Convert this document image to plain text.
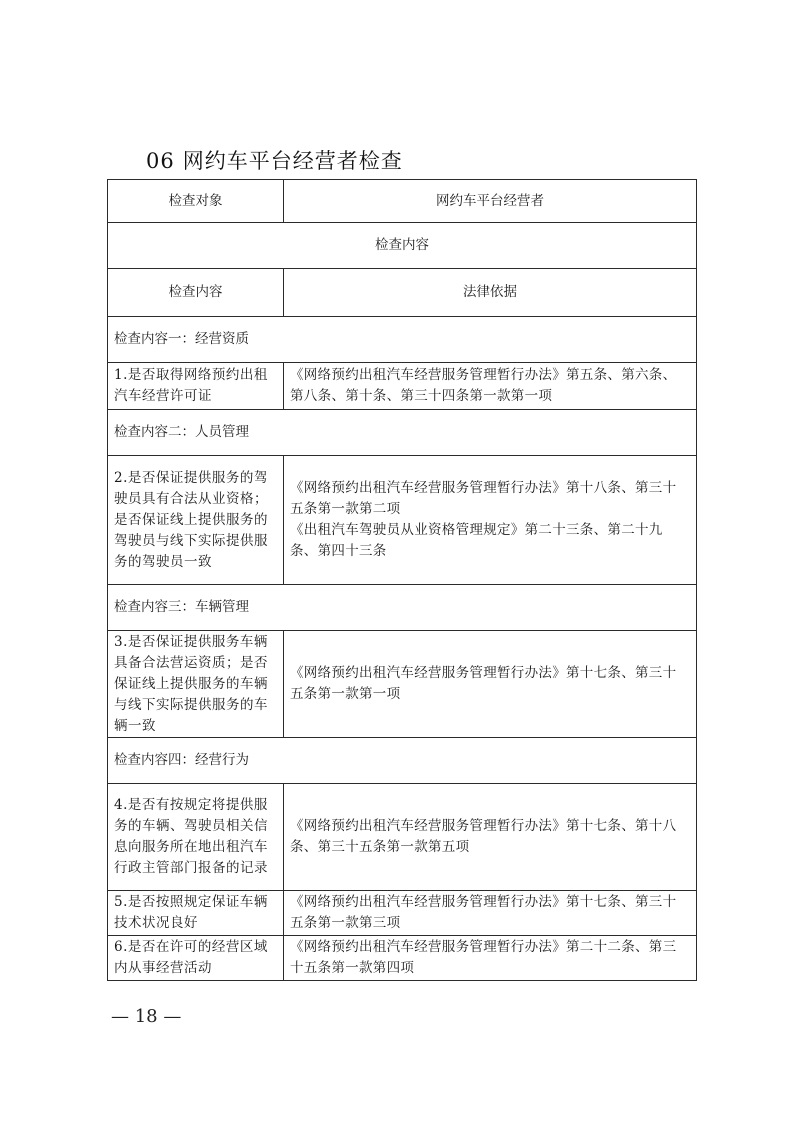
06 网约车平台经营者检查
检查对象	网约车平台经营者
检查内容	
检查内容	法律依据
检查内容一：经营资质	
1.是否取得网络预约出租汽车经营许可证	《网络预约出租汽车经营服务管理暂行办法》第五条、第六条、第八条、第十条、第三十四条第一款第一项

检查内容二：人员管理	
2.是否保证提供服务的驾驶员具有合法从业资格；是否保证线上提供服务的驾驶员与线下实际提供服务的驾驶员一致	《网络预约出租汽车经营服务管理暂行办法》第十八条、第三十五条第一款第二项
《出租汽车驾驶员从业资格管理规定》第二十三条、第二十九条、第四十三条

检查内容三：车辆管理	
3.是否保证提供服务车辆具备合法营运资质；是否保证线上提供服务的车辆与线下实际提供服务的车辆一致	《网络预约出租汽车经营服务管理暂行办法》第十七条、第三十五条第一款第一项

检查内容四：经营行为	
4.是否有按规定将提供服务的车辆、驾驶员相关信息向服务所在地出租汽车行政主管部门报备的记录	《网络预约出租汽车经营服务管理暂行办法》第十七条、第十八条、第三十五条第一款第五项

5.是否按照规定保证车辆技术状况良好	《网络预约出租汽车经营服务管理暂行办法》第十七条、第三十五条第一款第三项

6.是否在许可的经营区域内从事经营活动	《网络预约出租汽车经营服务管理暂行办法》第二十二条、第三十五条第一款第四项
— 18 —
